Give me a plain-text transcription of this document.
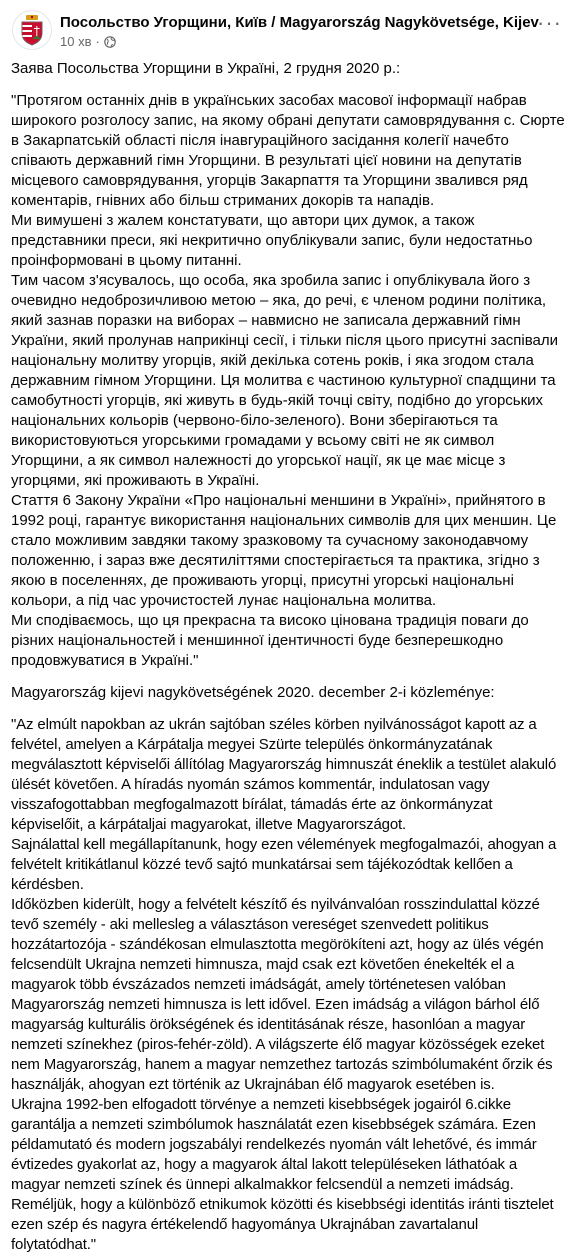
Посольство Угорщини, Київ / Magyarország Nagykövetsége, Kijev
10 хв ·
···

Заява Посольства Угорщини в Україні, 2 грудня 2020 р.:

"Протягом останніх днів в українських засобах масової інформації набрав широкого розголосу запис, на якому обрані депутати самоврядування с. Сюрте в Закарпатській області після інавгураційного засідання колегії начебто співають державний гімн Угорщини. В результаті цієї новини на депутатів місцевого самоврядування, угорців Закарпаття та Угорщини звалився ряд коментарів, гнівних або більш стриманих докорів та нападів.

Ми вимушені з жалем констатувати, що автори цих думок, а також представники преси, які некритично опублікували запис, були недостатньо проінформовані в цьому питанні.

Тим часом з'ясувалось, що особа, яка зробила запис і опублікувала його з очевидно недоброзичливою метою – яка, до речі, є членом родини політика, який зазнав поразки на виборах – навмисно не записала державний гімн України, який пролунав наприкінці сесії, і тільки після цього присутні заспівали національну молитву угорців, якій декілька сотень років, і яка згодом стала державним гімном Угорщини. Ця молитва є частиною культурної спадщини та самобутності угорців, які живуть в будь-якій точці світу, подібно до угорських національних кольорів (червоно-біло-зеленого). Вони зберігаються та використовуються угорськими громадами у всьому світі не як символ Угорщини, а як символ належності до угорської нації, як це має місце з угорцями, які проживають в Україні.

Стаття 6 Закону України «Про національні меншини в Україні», прийнятого в 1992 році, гарантує використання національних символів для цих меншин. Це стало можливим завдяки такому зразковому та сучасному законодавчому положенню, і зараз вже десятиліттями спостерігається та практика, згідно з якою в поселеннях, де проживають угорці, присутні угорські національні кольори, а під час урочистостей лунає національна молитва.

Ми сподіваємось, що ця прекрасна та високо цінована традиція поваги до різних національностей і меншинної ідентичності буде безперешкодно продовжуватися в Україні."

Magyarország kijevi nagykövetségének 2020. december 2-i közleménye:

"Az elmúlt napokban az ukrán sajtóban széles körben nyilvánosságot kapott az a felvétel, amelyen a Kárpátalja megyei Szürte település önkormányzatának megválasztott képviselői állítólag Magyarország himnuszát éneklik a testület alakuló ülését követően. A híradás nyomán számos kommentár, indulatosan vagy visszafogottabban megfogalmazott bírálat, támadás érte az önkormányzat képviselőit, a kárpátaljai magyarokat, illetve Magyarországot.

Sajnálattal kell megállapítanunk, hogy ezen vélemények megfogalmazói, ahogyan a felvételt kritikátlanul közzé tevő sajtó munkatársai sem tájékozódtak kellően a kérdésben.

Időközben kiderült, hogy a felvételt készítő és nyilvánvalóan rosszindulattal közzé tevő személy - aki mellesleg a választáson vereséget szenvedett politikus hozzátartozója - szándékosan elmulasztotta megörökíteni azt, hogy az ülés végén felcsendült Ukrajna nemzeti himnusza, majd csak ezt követően énekelték el a magyarok több évszázados nemzeti imádságát, amely történetesen valóban Magyarország nemzeti himnusza is lett idővel. Ezen imádság a világon bárhol élő magyarság kulturális örökségének és identitásának része, hasonlóan a magyar nemzeti színekhez (piros-fehér-zöld). A világszerte élő magyar közösségek ezeket nem Magyarország, hanem a magyar nemzethez tartozás szimbólumaként őrzik és használják, ahogyan ezt történik az Ukrajnában élő magyarok esetében is.

Ukrajna 1992-ben elfogadott törvénye a nemzeti kisebbségek jogairól 6.cikke garantálja a nemzeti szimbólumok használatát ezen kisebbségek számára. Ezen példamutató és modern jogszabályi rendelkezés nyomán vált lehetővé, és immár évtizedes gyakorlat az, hogy a magyarok által lakott településeken láthatóak a magyar nemzeti színek és ünnepi alkalmakkor felcsendül a nemzeti imádság.

Reméljük, hogy a különböző etnikumok közötti és kisebbségi identitás iránti tisztelet ezen szép és nagyra értékelendő hagyománya Ukrajnában zavartalanul folytatódhat."
